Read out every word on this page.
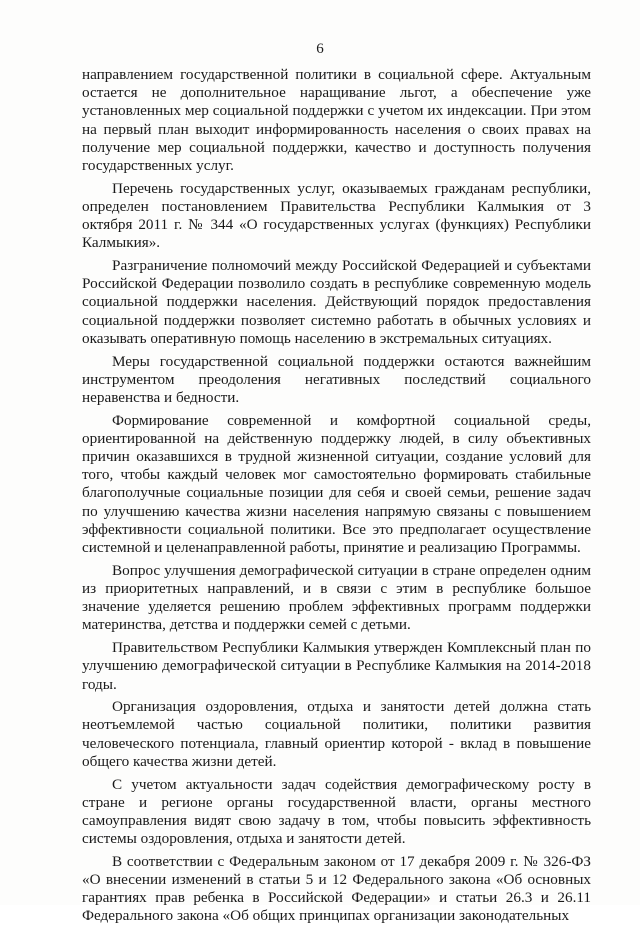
6

направлением государственной политики в социальной сфере. Актуальным остается не дополнительное наращивание льгот, а обеспечение уже установленных мер социальной поддержки с учетом их индексации. При этом на первый план выходит информированность населения о своих правах на получение мер социальной поддержки, качество и доступность получения государственных услуг.

Перечень государственных услуг, оказываемых гражданам республики, определен постановлением Правительства Республики Калмыкия от 3 октября 2011 г. № 344 «О государственных услугах (функциях) Республики Калмыкия».

Разграничение полномочий между Российской Федерацией и субъектами Российской Федерации позволило создать в республике современную модель социальной поддержки населения. Действующий порядок предоставления социальной поддержки позволяет системно работать в обычных условиях и оказывать оперативную помощь населению в экстремальных ситуациях.

Меры государственной социальной поддержки остаются важнейшим инструментом преодоления негативных последствий социального неравенства и бедности.

Формирование современной и комфортной социальной среды, ориентированной на действенную поддержку людей, в силу объективных причин оказавшихся в трудной жизненной ситуации, создание условий для того, чтобы каждый человек мог самостоятельно формировать стабильные благополучные социальные позиции для себя и своей семьи, решение задач по улучшению качества жизни населения напрямую связаны с повышением эффективности социальной политики. Все это предполагает осуществление системной и целенаправленной работы, принятие и реализацию Программы.

Вопрос улучшения демографической ситуации в стране определен одним из приоритетных направлений, и в связи с этим в республике большое значение уделяется решению проблем эффективных программ поддержки материнства, детства и поддержки семей с детьми.

Правительством Республики Калмыкия утвержден Комплексный план по улучшению демографической ситуации в Республике Калмыкия на 2014-2018 годы.

Организация оздоровления, отдыха и занятости детей должна стать неотъемлемой частью социальной политики, политики развития человеческого потенциала, главный ориентир которой - вклад в повышение общего качества жизни детей.

С учетом актуальности задач содействия демографическому росту в стране и регионе органы государственной власти, органы местного самоуправления видят свою задачу в том, чтобы повысить эффективность системы оздоровления, отдыха и занятости детей.

В соответствии с Федеральным законом от 17 декабря 2009 г. № 326-ФЗ «О внесении изменений в статьи 5 и 12 Федерального закона «Об основных гарантиях прав ребенка в Российской Федерации» и статьи 26.3 и 26.11 Федерального закона «Об общих принципах организации законодательных
